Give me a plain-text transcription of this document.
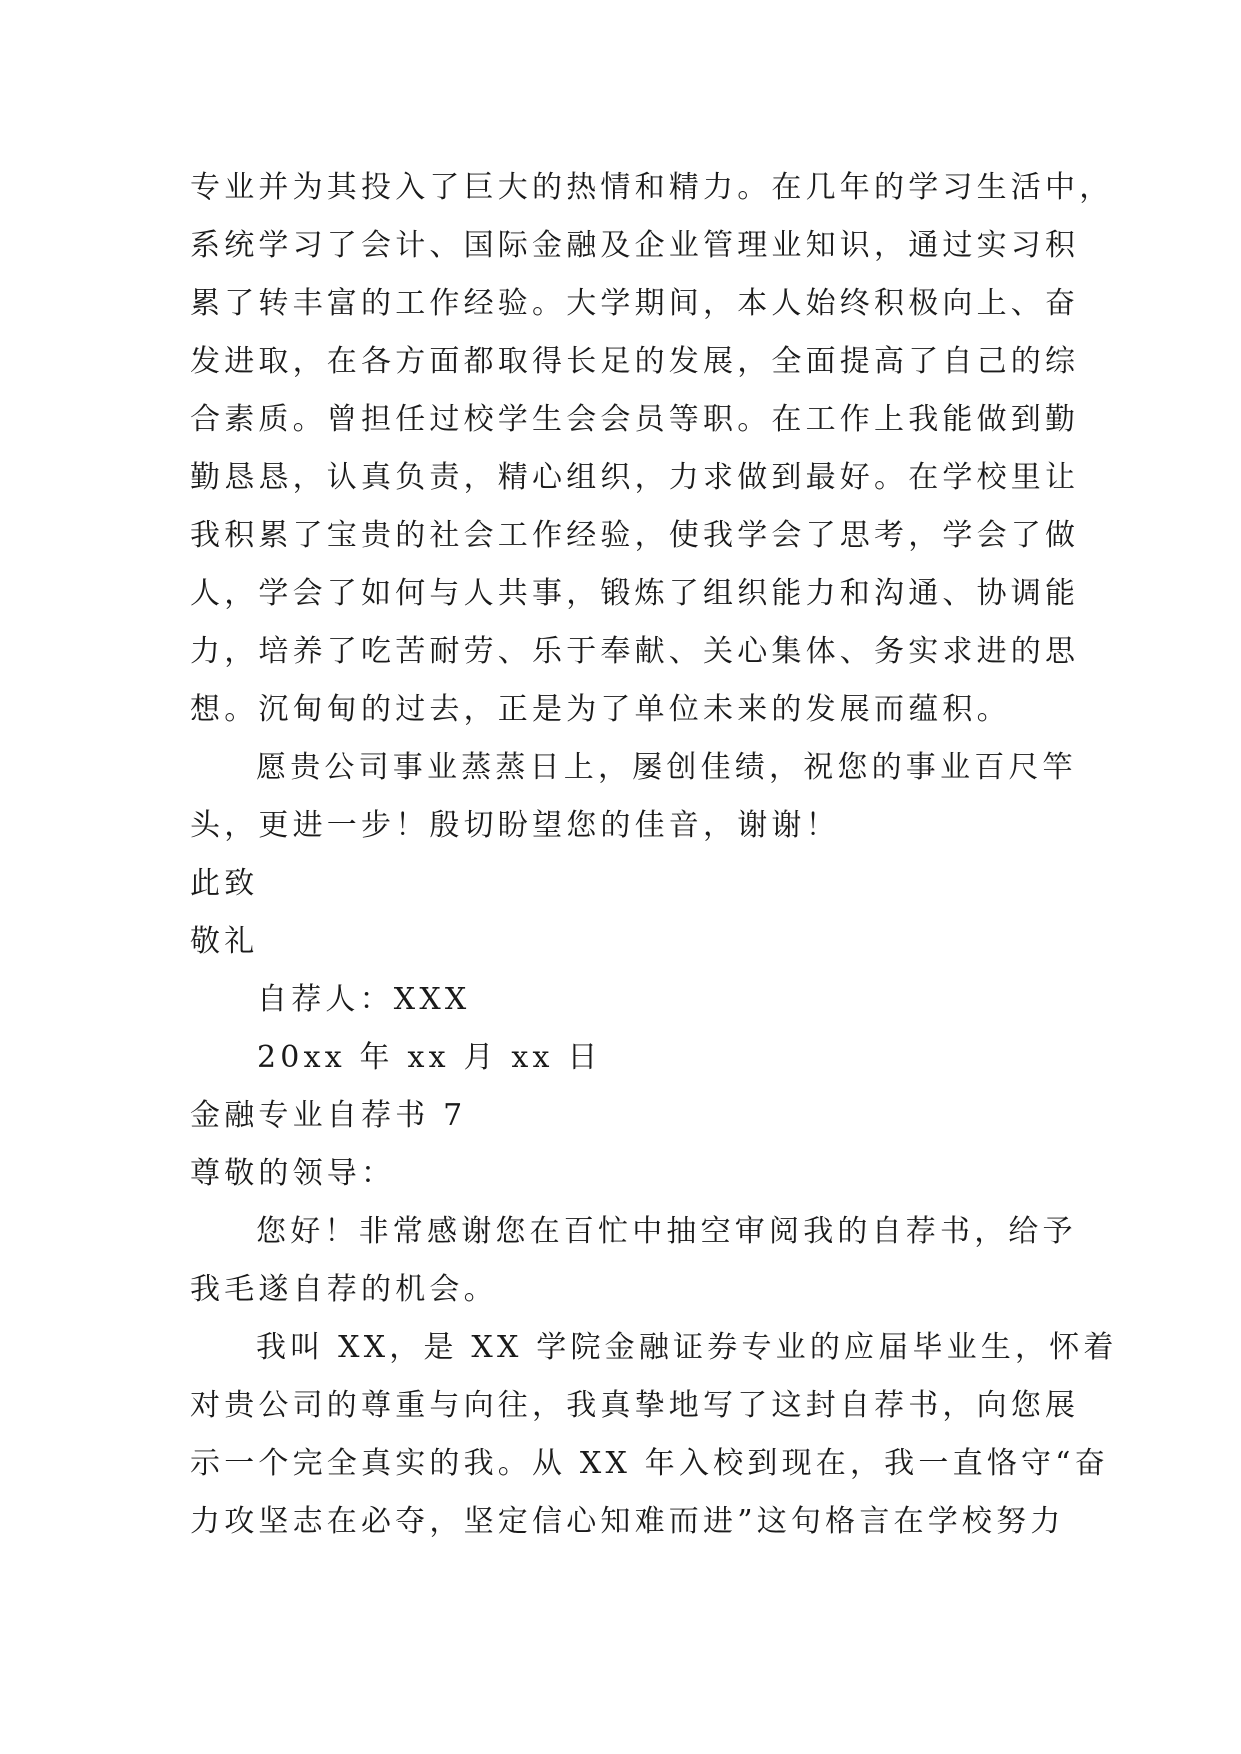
专业并为其投入了巨大的热情和精力。在几年的学习生活中，
系统学习了会计、国际金融及企业管理业知识，通过实习积
累了转丰富的工作经验。大学期间，本人始终积极向上、奋
发进取，在各方面都取得长足的发展，全面提高了自己的综
合素质。曾担任过校学生会会员等职。在工作上我能做到勤
勤恳恳，认真负责，精心组织，力求做到最好。在学校里让
我积累了宝贵的社会工作经验，使我学会了思考，学会了做
人，学会了如何与人共事，锻炼了组织能力和沟通、协调能
力，培养了吃苦耐劳、乐于奉献、关心集体、务实求进的思
想。沉甸甸的过去，正是为了单位未来的发展而蕴积。
愿贵公司事业蒸蒸日上，屡创佳绩，祝您的事业百尺竿
头，更进一步！殷切盼望您的佳音，谢谢！
此致
敬礼
自荐人：XXX
20xx 年 xx 月 xx 日
金融专业自荐书 7
尊敬的领导：
您好！非常感谢您在百忙中抽空审阅我的自荐书，给予
我毛遂自荐的机会。
我叫 XX，是 XX 学院金融证券专业的应届毕业生，怀着
对贵公司的尊重与向往，我真挚地写了这封自荐书，向您展
示一个完全真实的我。从 XX 年入校到现在，我一直恪守“奋
力攻坚志在必夺，坚定信心知难而进”这句格言在学校努力
